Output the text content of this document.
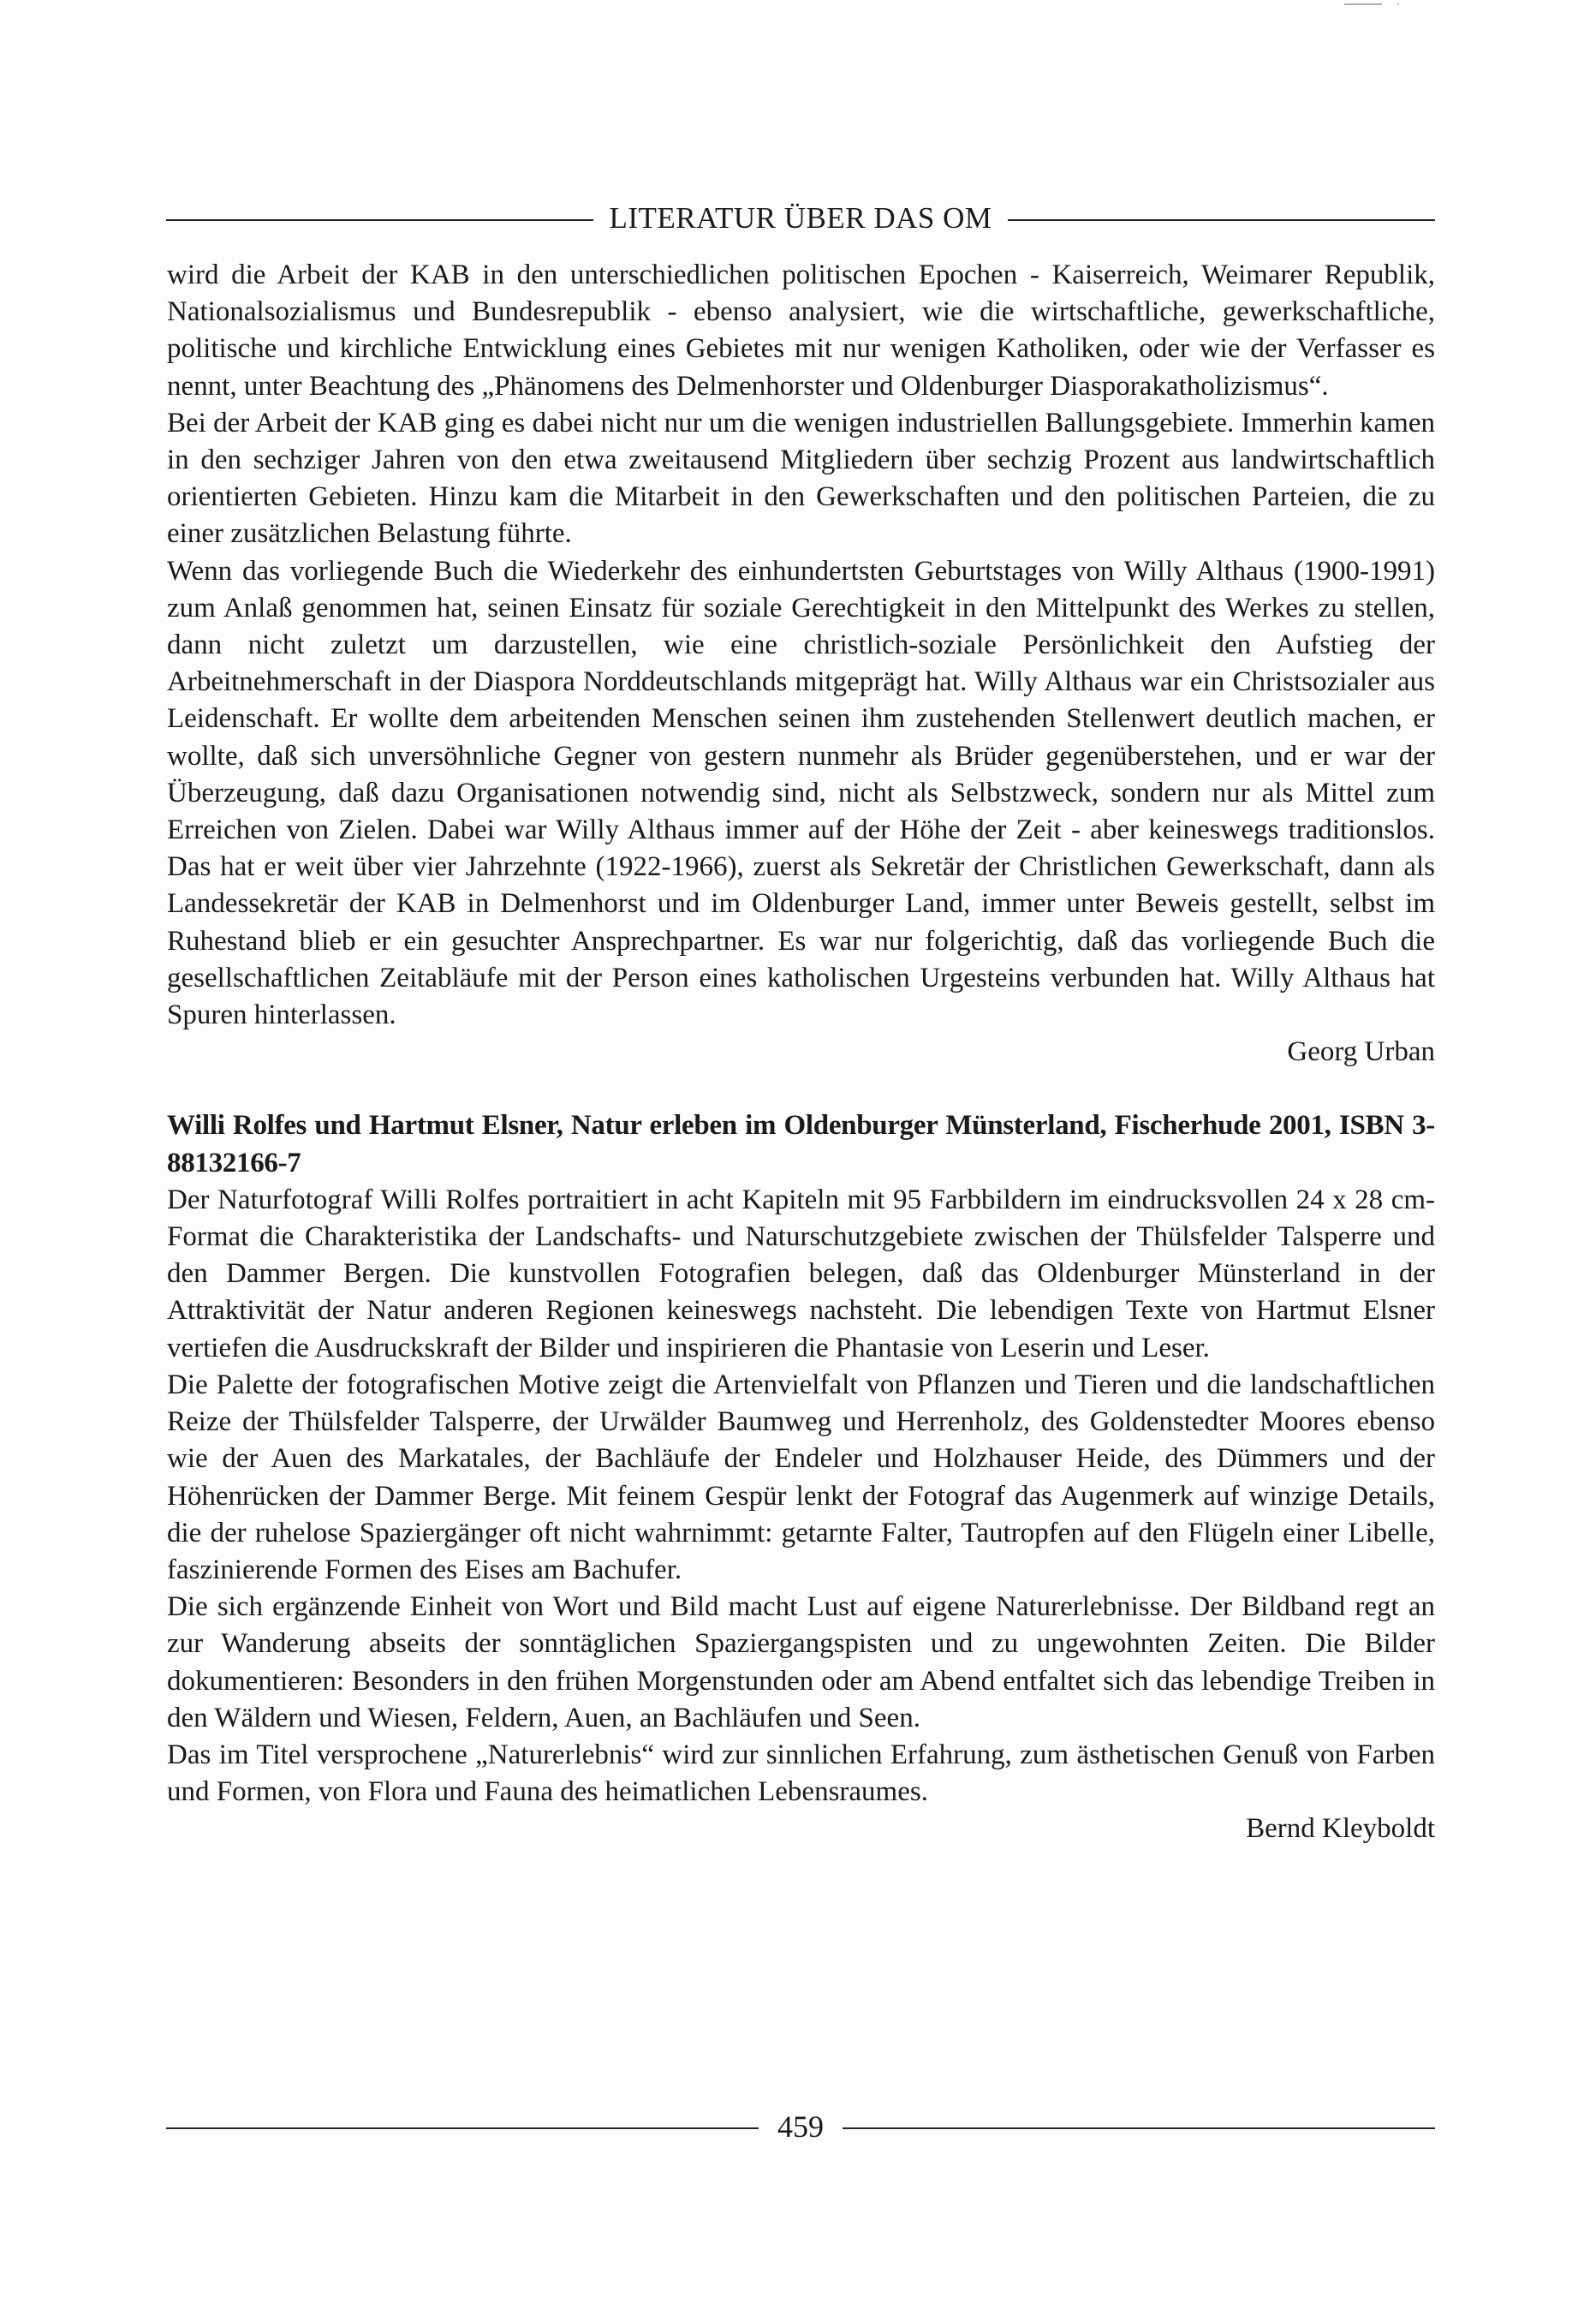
LITERATUR ÜBER DAS OM

wird die Arbeit der KAB in den unterschiedlichen politischen Epochen - Kaiserreich, Weimarer Republik, Nationalsozialismus und Bundesrepublik - ebenso analysiert, wie die wirtschaftliche, gewerkschaftliche, politische und kirchliche Entwicklung eines Gebietes mit nur wenigen Katholiken, oder wie der Verfasser es nennt, unter Beachtung des „Phänomens des Delmenhorster und Oldenburger Diasporakatholizismus“.

Bei der Arbeit der KAB ging es dabei nicht nur um die wenigen industriellen Ballungsgebiete. Immerhin kamen in den sechziger Jahren von den etwa zweitausend Mitgliedern über sechzig Prozent aus landwirtschaftlich orientierten Gebieten. Hinzu kam die Mitarbeit in den Gewerkschaften und den politischen Parteien, die zu einer zusätzlichen Belastung führte.

Wenn das vorliegende Buch die Wiederkehr des einhundertsten Geburtstages von Willy Althaus (1900-1991) zum Anlaß genommen hat, seinen Einsatz für soziale Gerechtigkeit in den Mittelpunkt des Werkes zu stellen, dann nicht zuletzt um darzustellen, wie eine christlich-soziale Persönlichkeit den Aufstieg der Arbeitnehmerschaft in der Diaspora Norddeutschlands mitgeprägt hat. Willy Althaus war ein Christsozialer aus Leidenschaft. Er wollte dem arbeitenden Menschen seinen ihm zustehenden Stellenwert deutlich machen, er wollte, daß sich unversöhnliche Gegner von gestern nunmehr als Brüder gegenüberstehen, und er war der Überzeugung, daß dazu Organisationen notwendig sind, nicht als Selbstzweck, sondern nur als Mittel zum Erreichen von Zielen. Dabei war Willy Althaus immer auf der Höhe der Zeit - aber keineswegs traditionslos. Das hat er weit über vier Jahrzehnte (1922-1966), zuerst als Sekretär der Christlichen Gewerkschaft, dann als Landessekretär der KAB in Delmenhorst und im Oldenburger Land, immer unter Beweis gestellt, selbst im Ruhestand blieb er ein gesuchter Ansprechpartner. Es war nur folgerichtig, daß das vorliegende Buch die gesellschaftlichen Zeitabläufe mit der Person eines katholischen Urgesteins verbunden hat. Willy Althaus hat Spuren hinterlassen.

Georg Urban

Willi Rolfes und Hartmut Elsner, Natur erleben im Oldenburger Münsterland, Fischerhude 2001, ISBN 3-88132166-7

Der Naturfotograf Willi Rolfes portraitiert in acht Kapiteln mit 95 Farbbildern im eindrucksvollen 24 x 28 cm-Format die Charakteristika der Landschafts- und Naturschutzgebiete zwischen der Thülsfelder Talsperre und den Dammer Bergen. Die kunstvollen Fotografien belegen, daß das Oldenburger Münsterland in der Attraktivität der Natur anderen Regionen keineswegs nachsteht. Die lebendigen Texte von Hartmut Elsner vertiefen die Ausdruckskraft der Bilder und inspirieren die Phantasie von Leserin und Leser.

Die Palette der fotografischen Motive zeigt die Artenvielfalt von Pflanzen und Tieren und die landschaftlichen Reize der Thülsfelder Talsperre, der Urwälder Baumweg und Herrenholz, des Goldenstedter Moores ebenso wie der Auen des Markatales, der Bachläufe der Endeler und Holzhauser Heide, des Dümmers und der Höhenrücken der Dammer Berge. Mit feinem Gespür lenkt der Fotograf das Augenmerk auf winzige Details, die der ruhelose Spaziergänger oft nicht wahrnimmt: getarnte Falter, Tautropfen auf den Flügeln einer Libelle, faszinierende Formen des Eises am Bachufer.

Die sich ergänzende Einheit von Wort und Bild macht Lust auf eigene Naturerlebnisse. Der Bildband regt an zur Wanderung abseits der sonntäglichen Spaziergangspisten und zu ungewohnten Zeiten. Die Bilder dokumentieren: Besonders in den frühen Morgenstunden oder am Abend entfaltet sich das lebendige Treiben in den Wäldern und Wiesen, Feldern, Auen, an Bachläufen und Seen.

Das im Titel versprochene „Naturerlebnis“ wird zur sinnlichen Erfahrung, zum ästhetischen Genuß von Farben und Formen, von Flora und Fauna des heimatlichen Lebensraumes.

Bernd Kleyboldt

459
